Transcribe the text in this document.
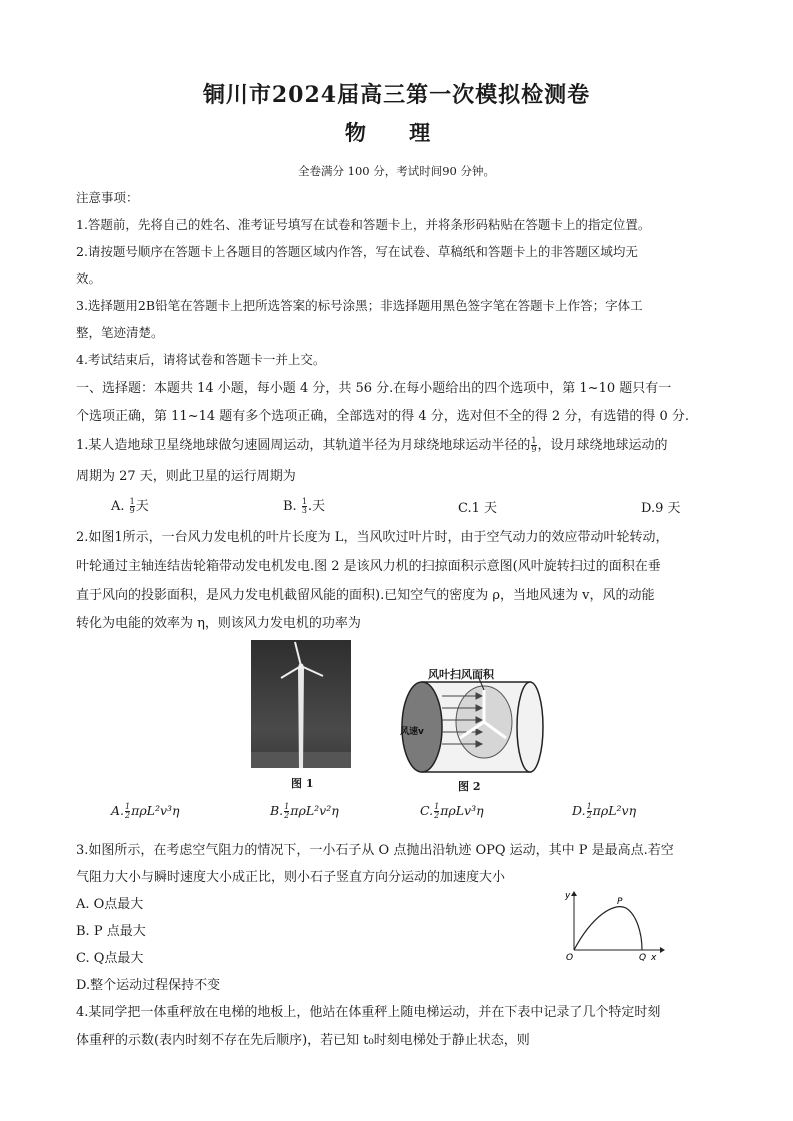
铜川市2024届高三第一次模拟检测卷
物 理
全卷满分 100 分，考试时间90 分钟。
注意事项：
1.答题前，先将自己的姓名、准考证号填写在试卷和答题卡上，并将条形码粘贴在答题卡上的指定位置。
2.请按题号顺序在答题卡上各题目的答题区域内作答，写在试卷、草稿纸和答题卡上的非答题区域均无
效。
3.选择题用2B铅笔在答题卡上把所选答案的标号涂黑；非选择题用黑色签字笔在答题卡上作答；字体工
整，笔迹清楚。
4.考试结束后，请将试卷和答题卡一并上交。
一、选择题：本题共 14 小题，每小题 4 分，共 56 分.在每小题给出的四个选项中，第 1~10 题只有一
个选项正确，第 11~14 题有多个选项正确，全部选对的得 4 分，选对但不全的得 2 分，有选错的得 0 分.
1.某人造地球卫星绕地球做匀速圆周运动，其轨道半径为月球绕地球运动半径的 $\frac{1}{9}$ ，设月球绕地球运动的
周期为 27 天，则此卫星的运行周期为
A. $\frac{1}{9}$ 天	B. $\frac{1}{3}$ .天	C.1 天	D.9 天
2.如图1所示，一台风力发电机的叶片长度为 L，当风吹过叶片时，由于空气动力的效应带动叶轮转动，
叶轮通过主轴连结齿轮箱带动发电机发电.图 2 是该风力机的扫掠面积示意图(风叶旋转扫过的面积在垂
直于风向的投影面积，是风力发电机截留风能的面积).已知空气的密度为 ρ，当地风速为 v，风的动能
转化为电能的效率为 η，则该风力发电机的功率为
图 1
风速v
风叶扫风面积
图 2
A. $\frac{1}{2} \pi\rho L^2v^3\eta$	B. $\frac{1}{2} \pi\rho L^2v^2\eta$	C. $\frac{1}{2} \pi\rho Lv^3\eta$	D. $\frac{1}{2} \pi\rho L^2v\eta$
3.如图所示，在考虑空气阻力的情况下，一小石子从 O 点抛出沿轨迹 OPQ 运动，其中 P 是最高点.若空
气阻力大小与瞬时速度大小成正比，则小石子竖直方向分运动的加速度大小
A. O点最大
B. P 点最大
C. Q点最大
D.整个运动过程保持不变
y
x
O
P
Q
4.某同学把一体重秤放在电梯的地板上，他站在体重秤上随电梯运动，并在下表中记录了几个特定时刻
体重秤的示数(表内时刻不存在先后顺序)，若已知 t₀时刻电梯处于静止状态，则
